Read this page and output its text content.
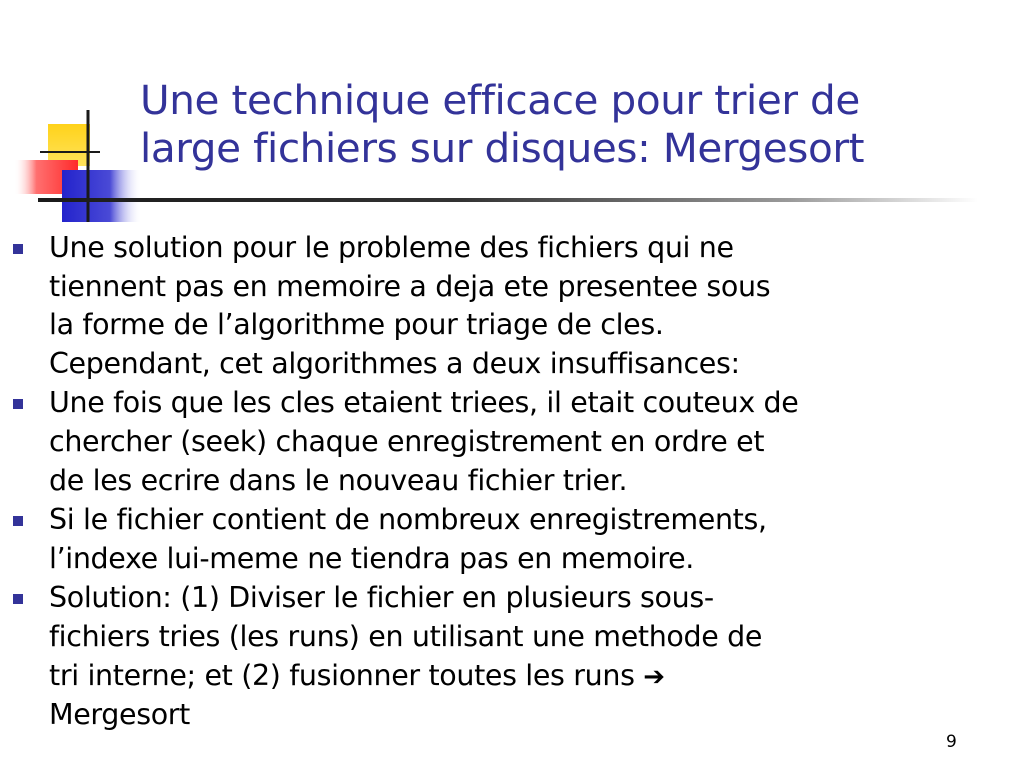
Une technique efficace pour trier de
large fichiers sur disques: Mergesort
Une solution pour le probleme des fichiers qui ne
tiennent pas en memoire a deja ete presentee sous
la forme de l’algorithme pour triage de cles.
Cependant, cet algorithmes a deux insuffisances:
Une fois que les cles etaient triees, il etait couteux de
chercher (seek) chaque enregistrement en ordre et
de les ecrire dans le nouveau fichier trier.
Si le fichier contient de nombreux enregistrements,
l’indexe lui-meme ne tiendra pas en memoire.
Solution: (1) Diviser le fichier en plusieurs sous-
fichiers tries (les runs) en utilisant une methode de
tri interne; et (2) fusionner toutes les runs ➔
Mergesort
9
